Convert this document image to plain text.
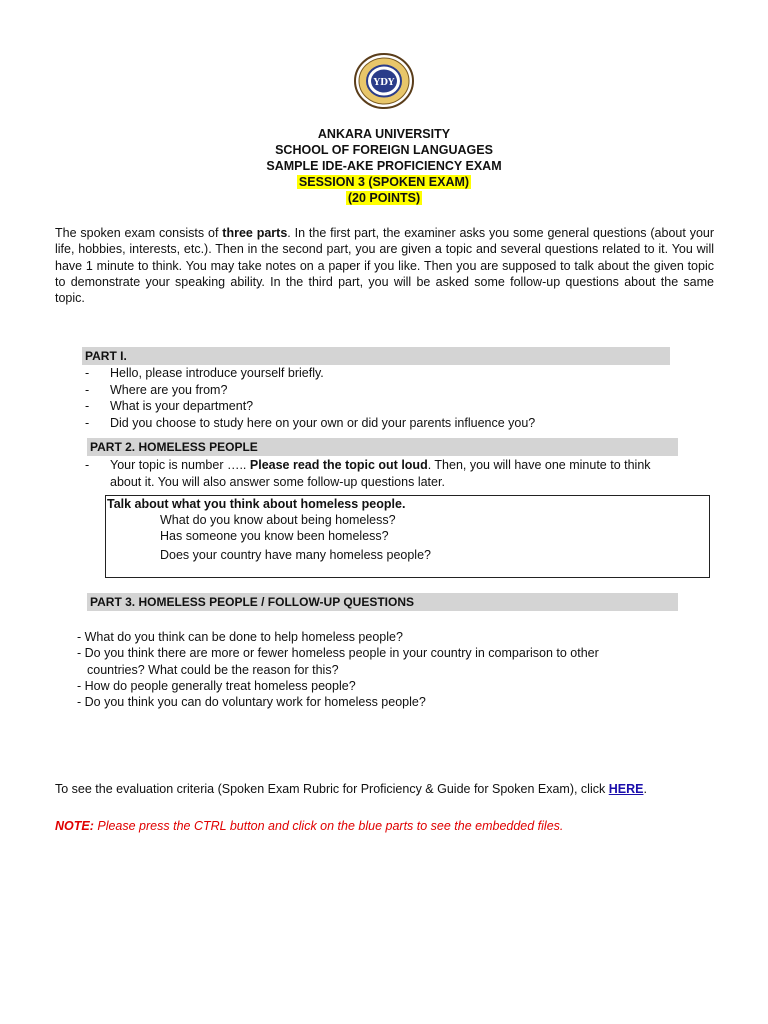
YDY
ANKARA UNIVERSITY
SCHOOL OF FOREIGN LANGUAGES
SAMPLE IDE-AKE PROFICIENCY EXAM
SESSION 3 (SPOKEN EXAM)
(20 POINTS)
The spoken exam consists of three parts. In the first part, the examiner asks you some general questions (about your life, hobbies, interests, etc.). Then in the second part, you are given a topic and several questions related to it. You will have 1 minute to think. You may take notes on a paper if you like. Then you are supposed to talk about the given topic to demonstrate your speaking ability. In the third part, you will be asked some follow-up questions about the same topic.
PART I.
- Hello, please introduce yourself briefly.
- Where are you from?
- What is your department?
- Did you choose to study here on your own or did your parents influence you?
PART 2. HOMELESS PEOPLE
- Your topic is number ….. Please read the topic out loud. Then, you will have one minute to think
about it. You will also answer some follow-up questions later.
Talk about what you think about homeless people.
What do you know about being homeless?
Has someone you know been homeless?
Does your country have many homeless people?
PART 3. HOMELESS PEOPLE / FOLLOW-UP QUESTIONS
- What do you think can be done to help homeless people?
- Do you think there are more or fewer homeless people in your country in comparison to other
countries? What could be the reason for this?
- How do people generally treat homeless people?
- Do you think you can do voluntary work for homeless people?
To see the evaluation criteria (Spoken Exam Rubric for Proficiency & Guide for Spoken Exam), click HERE.
NOTE: Please press the CTRL button and click on the blue parts to see the embedded files.
